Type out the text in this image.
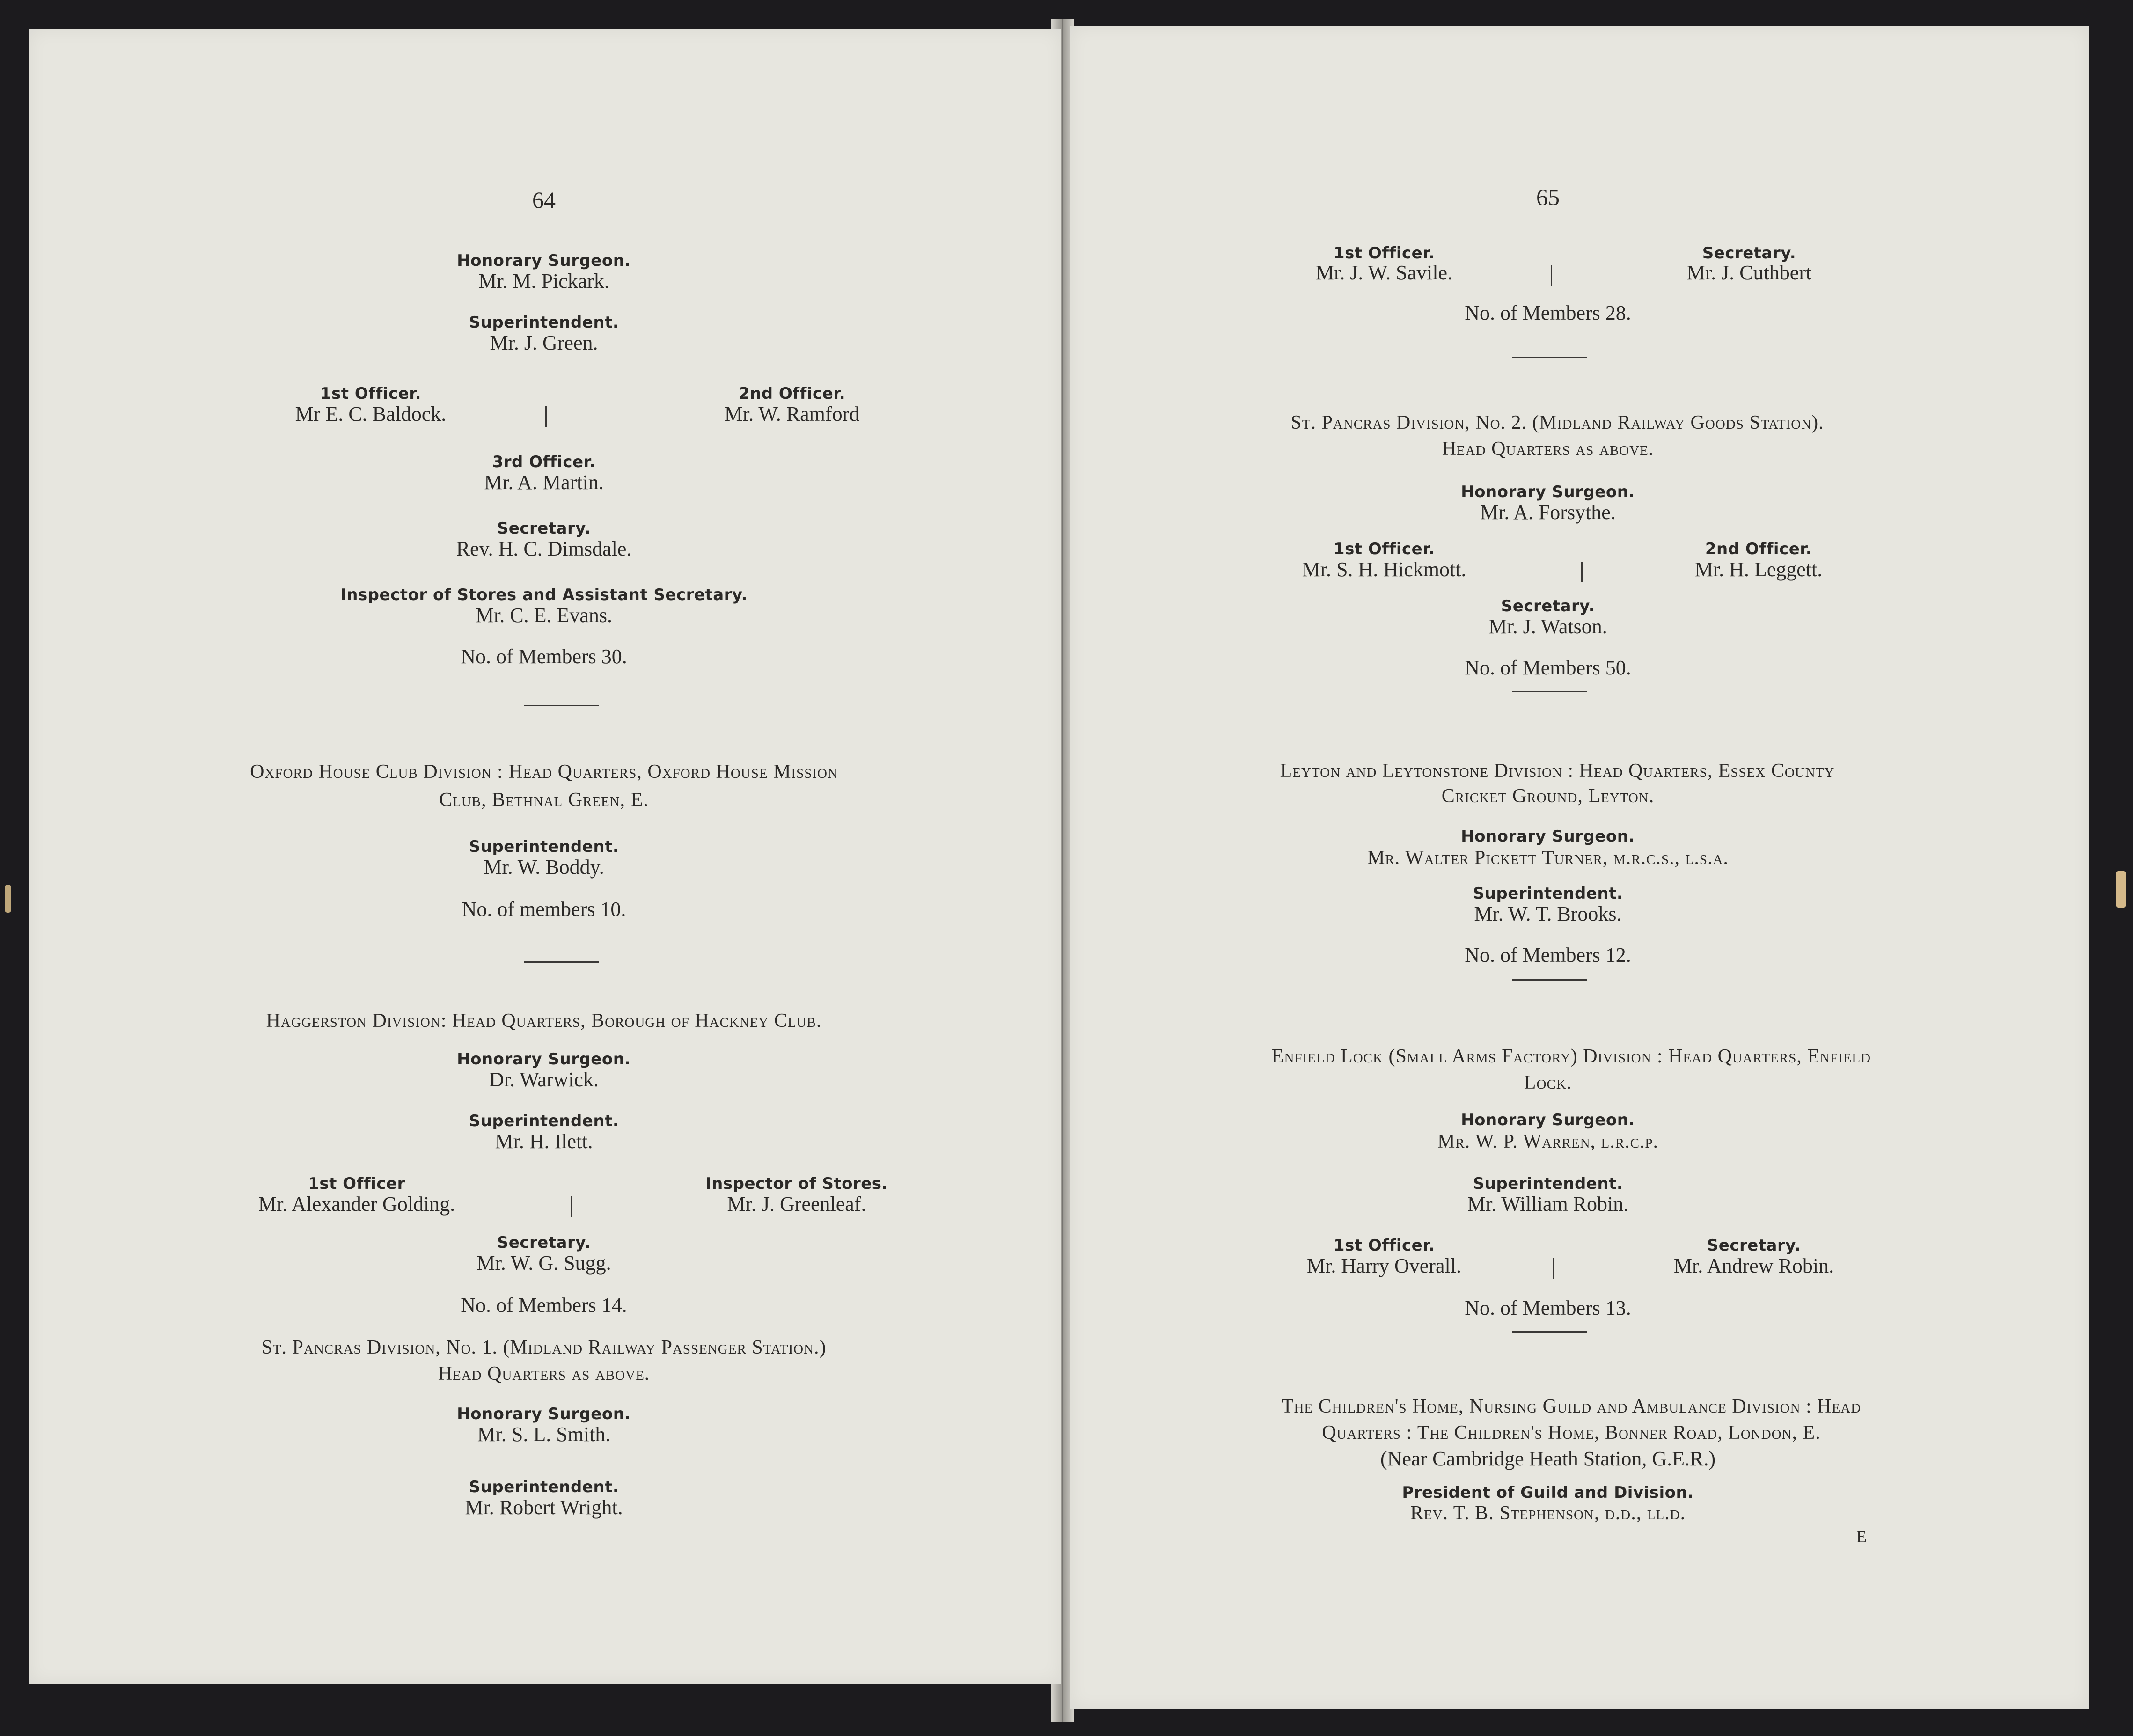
64
Honorary Surgeon.
Mr. M. Pickark.
Superintendent.
Mr. J. Green.
1st Officer.
Mr E. C. Baldock.
2nd Officer.
Mr. W. Ramford
3rd Officer.
Mr. A. Martin.
Secretary.
Rev. H. C. Dimsdale.
Inspector of Stores and Assistant Secretary.
Mr. C. E. Evans.
No. of Members 30.
Oxford House Club Division : Head Quarters, Oxford House Mission
Club, Bethnal Green, E.
Superintendent.
Mr. W. Boddy.
No. of members 10.
Haggerston Division: Head Quarters, Borough of Hackney Club.
Honorary Surgeon.
Dr. Warwick.
Superintendent.
Mr. H. Ilett.
1st Officer
Mr. Alexander Golding.
Inspector of Stores.
Mr. J. Greenleaf.
Secretary.
Mr. W. G. Sugg.
No. of Members 14.
St. Pancras Division, No. 1. (Midland Railway Passenger Station.)
Head Quarters as above.
Honorary Surgeon.
Mr. S. L. Smith.
Superintendent.
Mr. Robert Wright.
65
1st Officer.
Mr. J. W. Savile.
Secretary.
Mr. J. Cuthbert
No. of Members 28.
St. Pancras Division, No. 2. (Midland Railway Goods Station).
Head Quarters as above.
Honorary Surgeon.
Mr. A. Forsythe.
1st Officer.
Mr. S. H. Hickmott.
2nd Officer.
Mr. H. Leggett.
Secretary.
Mr. J. Watson.
No. of Members 50.
Leyton and Leytonstone Division : Head Quarters, Essex County
Cricket Ground, Leyton.
Honorary Surgeon.
Mr. Walter Pickett Turner, m.r.c.s., l.s.a.
Superintendent.
Mr. W. T. Brooks.
No. of Members 12.
Enfield Lock (Small Arms Factory) Division : Head Quarters, Enfield
Lock.
Honorary Surgeon.
Mr. W. P. Warren, l.r.c.p.
Superintendent.
Mr. William Robin.
1st Officer.
Mr. Harry Overall.
Secretary.
Mr. Andrew Robin.
No. of Members 13.
The Children's Home, Nursing Guild and Ambulance Division : Head
Quarters : The Children's Home, Bonner Road, London, E.
(Near Cambridge Heath Station, G.E.R.)
President of Guild and Division.
Rev. T. B. Stephenson, d.d., ll.d.
E
